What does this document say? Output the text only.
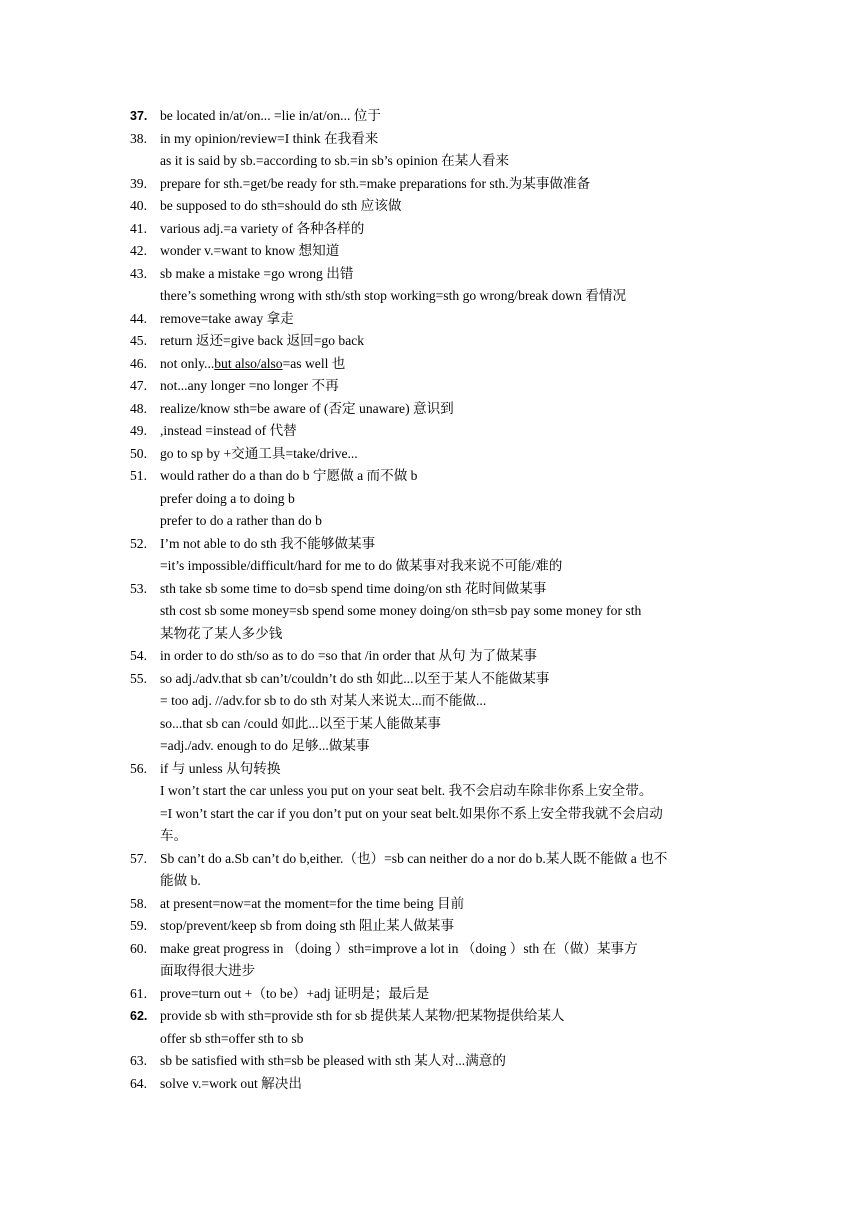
37. be located in/at/on... =lie in/at/on... 位于
38. in my opinion/review=I think 在我看来
as it is said by sb.=according to sb.=in sb’s opinion 在某人看来
39. prepare for sth.=get/be ready for sth.=make preparations for sth.为某事做准备
40. be supposed to do sth=should do sth 应该做
41. various adj.=a variety of 各种各样的
42. wonder v.=want to know 想知道
43. sb make a mistake =go wrong 出错
there’s something wrong with sth/sth stop working=sth go wrong/break down 看情况
44. remove=take away 拿走
45. return 返还=give back 返回=go back
46. not only...but also/also=as well 也
47. not...any longer =no longer 不再
48. realize/know sth=be aware of (否定 unaware) 意识到
49. ,instead =instead of 代替
50. go to sp by +交通工具=take/drive...
51. would rather do a than do b 宁愿做 a 而不做 b
prefer doing a to doing b
prefer to do a rather than do b
52. I’m not able to do sth 我不能够做某事
=it’s impossible/difficult/hard for me to do 做某事对我来说不可能/难的
53. sth take sb some time to do=sb spend time doing/on sth 花时间做某事
sth cost sb some money=sb spend some money doing/on sth=sb pay some money for sth
某物花了某人多少钱
54. in order to do sth/so as to do =so that /in order that 从句 为了做某事
55. so adj./adv.that sb can’t/couldn’t do sth 如此...以至于某人不能做某事
= too adj. //adv.for sb to do sth 对某人来说太...而不能做...
so...that sb can /could 如此...以至于某人能做某事
=adj./adv. enough to do 足够...做某事
56. if 与 unless 从句转换
I won’t start the car unless you put on your seat belt. 我不会启动车除非你系上安全带。
=I won’t start the car if you don’t put on your seat belt.如果你不系上安全带我就不会启动
车。
57. Sb can’t do a.Sb can’t do b,either.（也）=sb can neither do a nor do b.某人既不能做 a 也不
能做 b.
58. at present=now=at the moment=for the time being 目前
59. stop/prevent/keep sb from doing sth 阻止某人做某事
60. make great progress in （doing ）sth=improve a lot in （doing ）sth 在（做）某事方
面取得很大进步
61. prove=turn out +（to be）+adj 证明是；最后是
62. provide sb with sth=provide sth for sb 提供某人某物/把某物提供给某人
offer sb sth=offer sth to sb
63. sb be satisfied with sth=sb be pleased with sth 某人对...满意的
64. solve v.=work out 解决出
